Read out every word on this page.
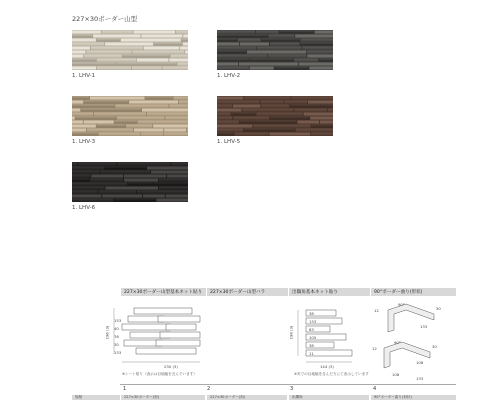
227×30ボーダー山型
1. LHV-1	1. LHV-2
1. LHV-3	1. LHV-5
1. LHV-6
227×30ボーダー山型基本ネット貼り	227×30ボーダー山型バラ	出隅角基本ネット貼り	90°ボーダー曲り(形状)
153
40
76
30
133
196 (3)
230 (3)
※シート貼り（表示は目地幅を含んでいます）
38
133
63
105
38
11
198 (3)
144 (3)
※実寸の目地幅を含んだ方にて表示しています
12
90°
30
133
12
90°
30
108
108
133
1	2	3	4
規格	227×30ボーダー(形)	227×30ボーダー(形)	出隅角	90°ボーダー曲り(形状)
